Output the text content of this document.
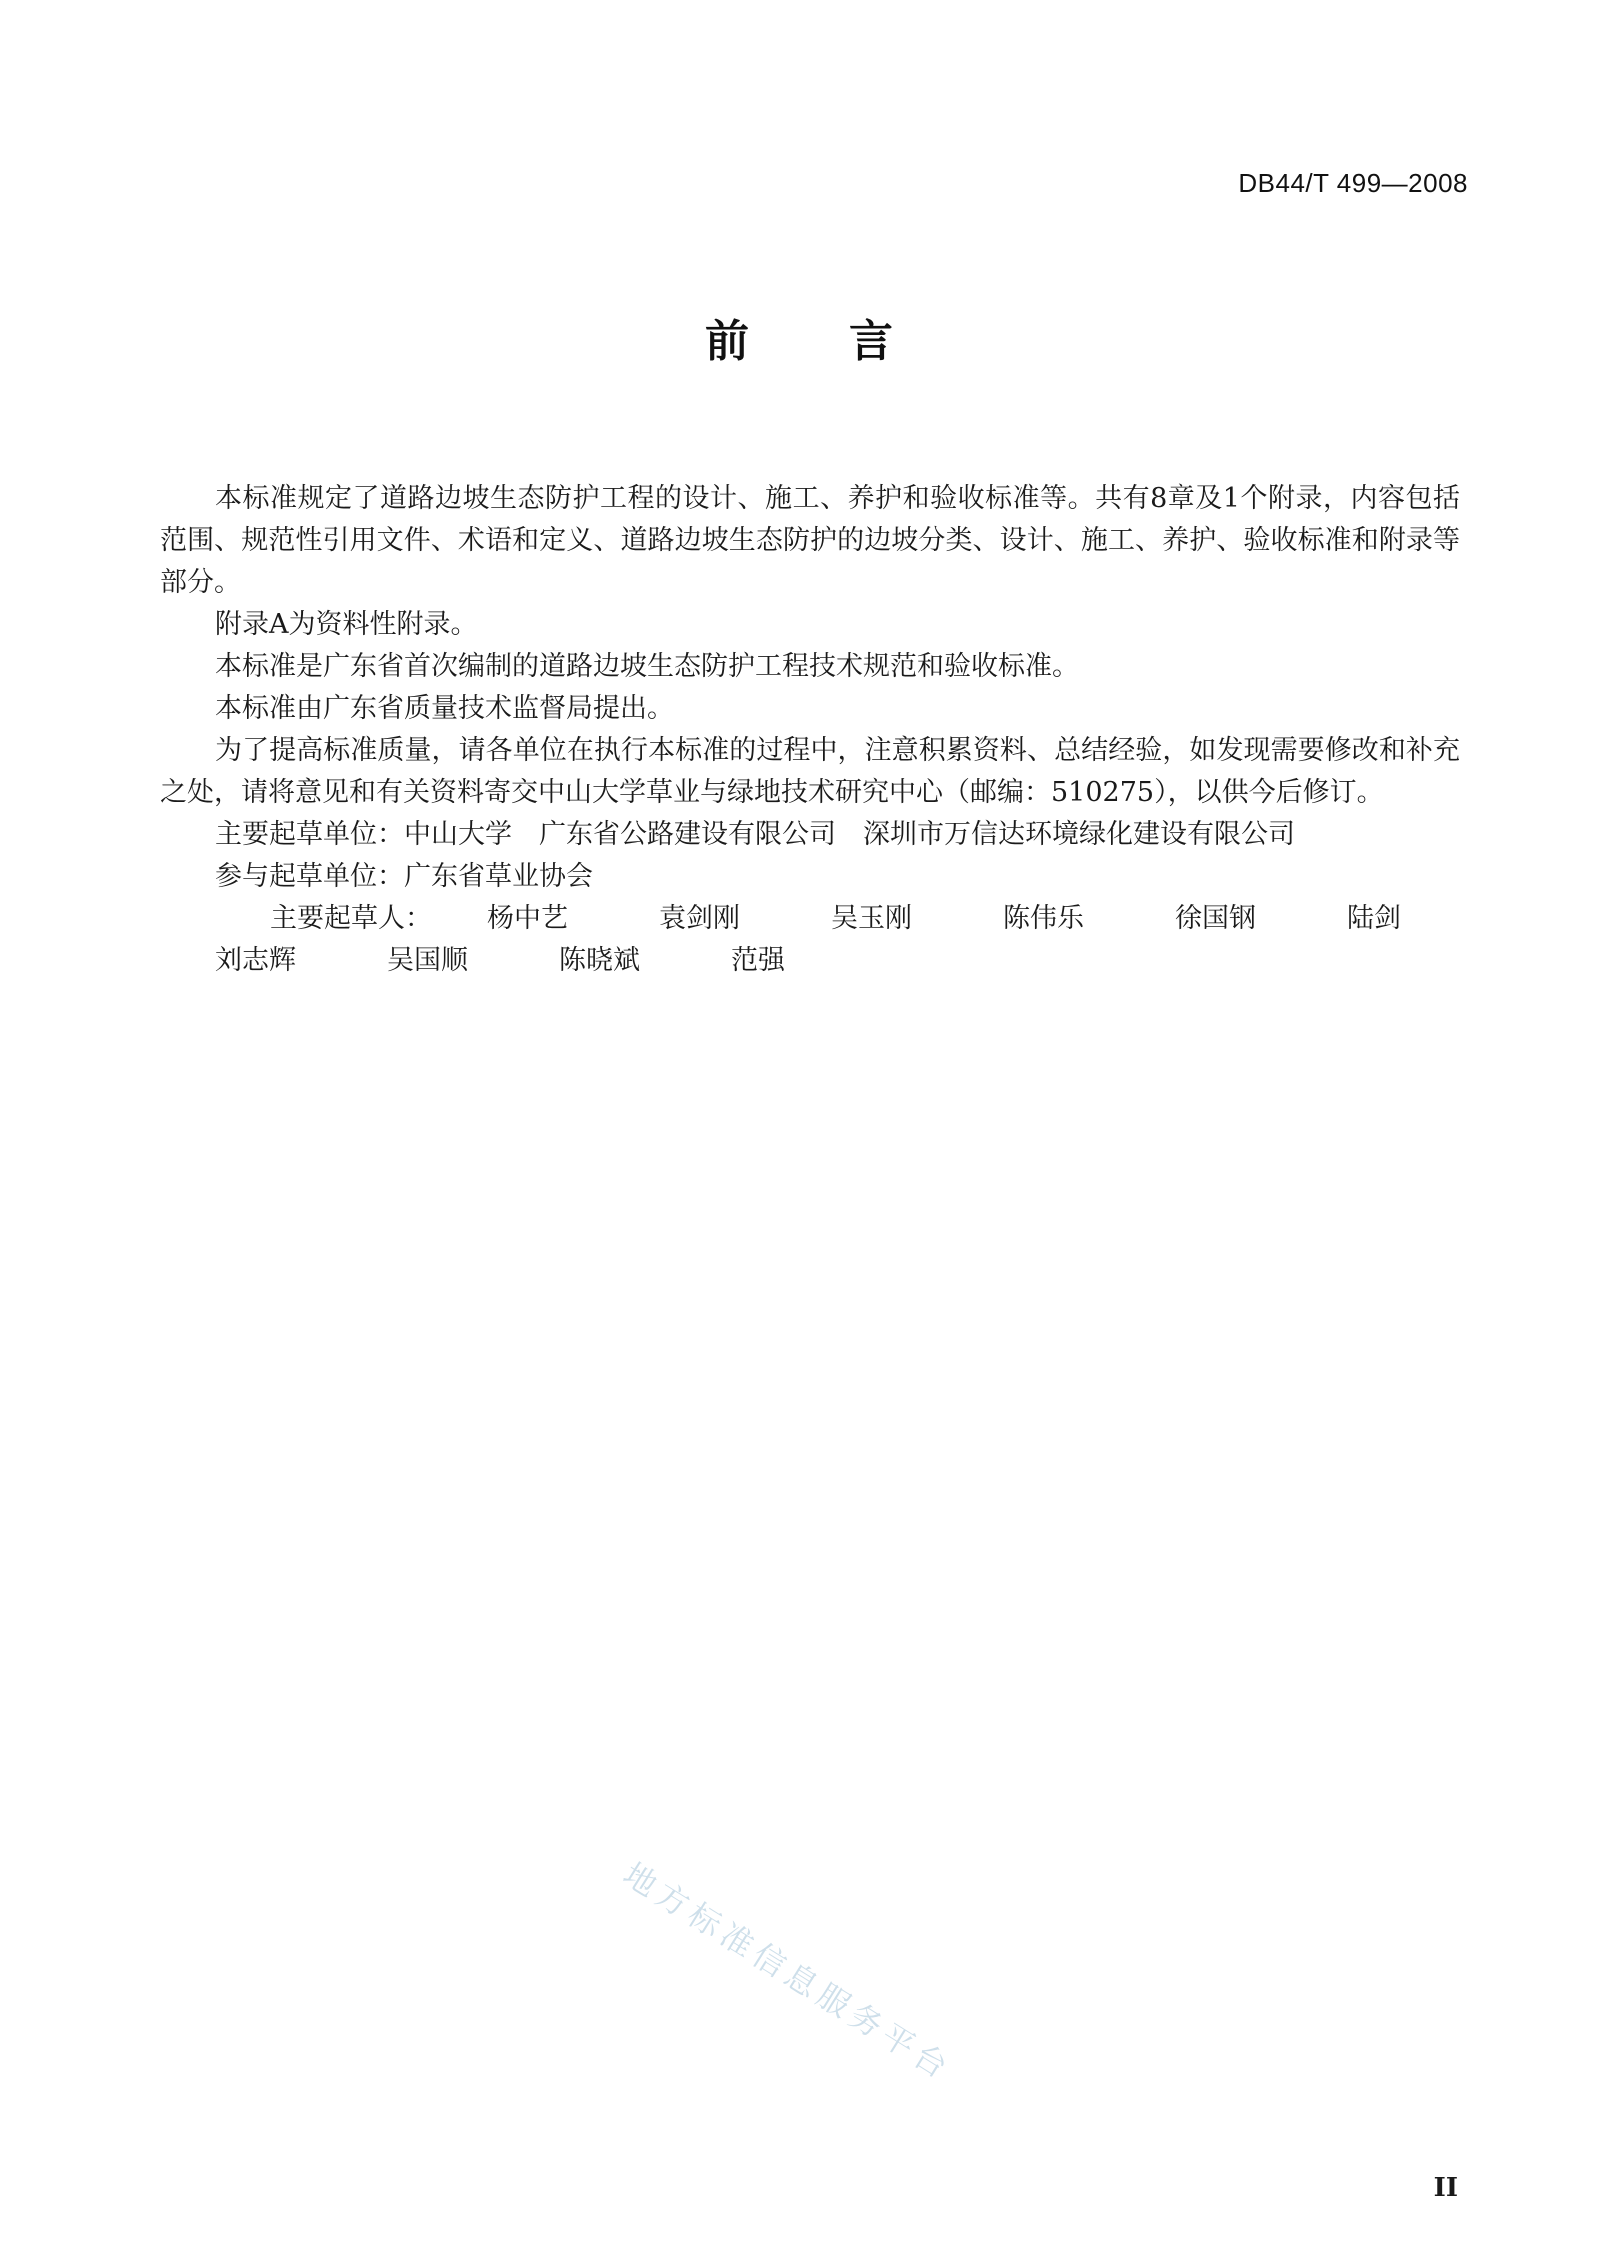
DB44/T 499—2008
前言

本标准规定了道路边坡生态防护工程的设计、施工、养护和验收标准等。共有8章及1个附录，内容包括范围、规范性引用文件、术语和定义、道路边坡生态防护的边坡分类、设计、施工、养护、验收标准和附录等部分。

附录A为资料性附录。

本标准是广东省首次编制的道路边坡生态防护工程技术规范和验收标准。

本标准由广东省质量技术监督局提出。

为了提高标准质量，请各单位在执行本标准的过程中，注意积累资料、总结经验，如发现需要修改和补充之处，请将意见和有关资料寄交中山大学草业与绿地技术研究中心（邮编：510275），以供今后修订。

主要起草单位：中山大学　广东省公路建设有限公司　深圳市万信达环境绿化建设有限公司

参与起草单位：广东省草业协会

主要起草人： 杨中艺	袁剑刚	吴玉刚	陈伟乐	徐国钢	陆剑刘志辉	吴国顺	陈晓斌	范强

地方标准信息服务平台
II
